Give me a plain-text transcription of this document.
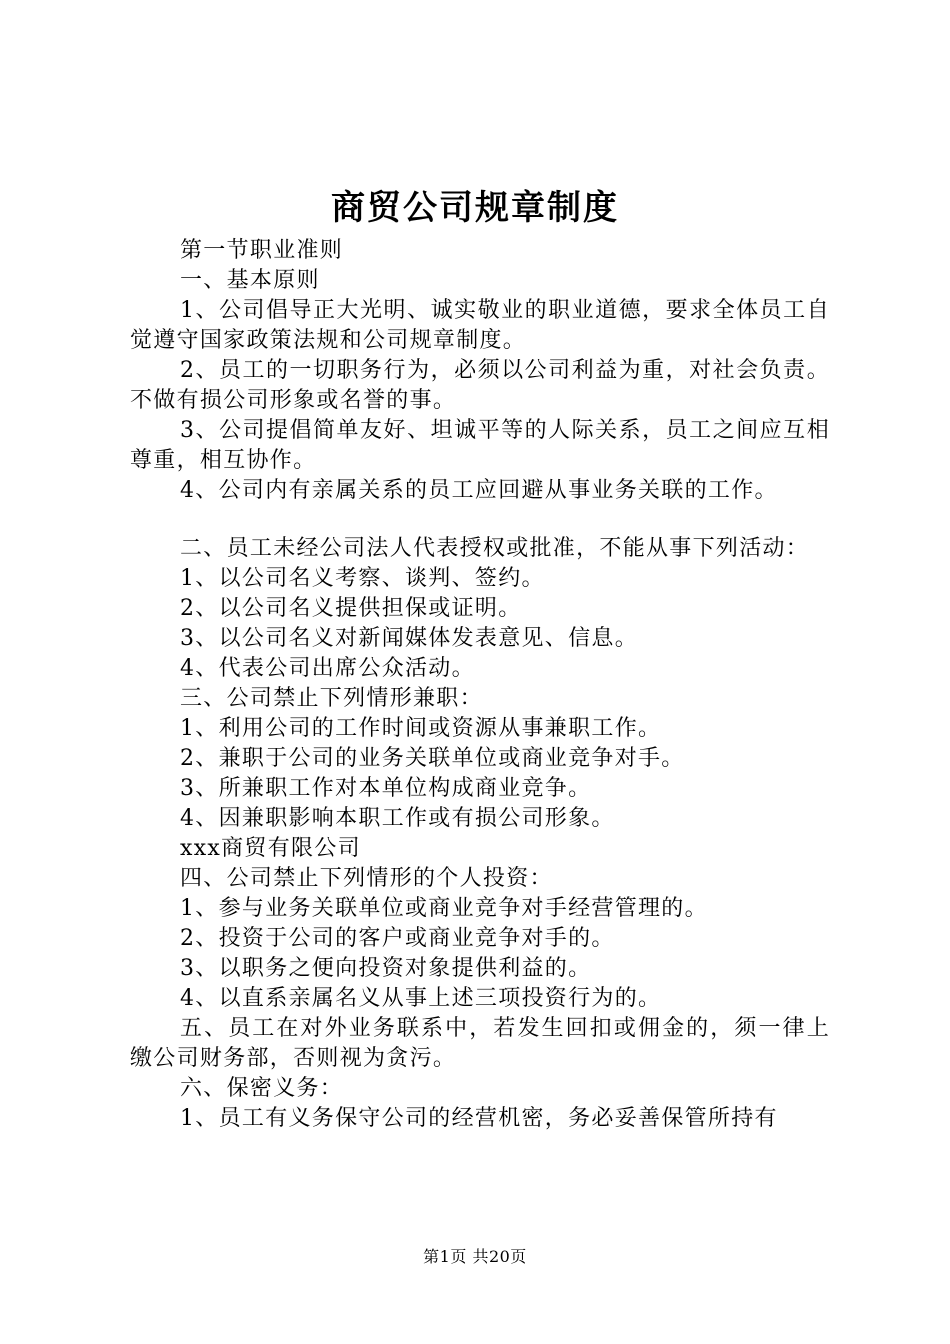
商贸公司规章制度

第一节职业准则

一、基本原则

1、公司倡导正大光明、诚实敬业的职业道德，要求全体员工自觉遵守国家政策法规和公司规章制度。

2、员工的一切职务行为，必须以公司利益为重，对社会负责。不做有损公司形象或名誉的事。

3、公司提倡简单友好、坦诚平等的人际关系，员工之间应互相尊重，相互协作。

4、公司内有亲属关系的员工应回避从事业务关联的工作。

二、员工未经公司法人代表授权或批准，不能从事下列活动：

1、以公司名义考察、谈判、签约。

2、以公司名义提供担保或证明。

3、以公司名义对新闻媒体发表意见、信息。

4、代表公司出席公众活动。

三、公司禁止下列情形兼职：

1、利用公司的工作时间或资源从事兼职工作。

2、兼职于公司的业务关联单位或商业竞争对手。

3、所兼职工作对本单位构成商业竞争。

4、因兼职影响本职工作或有损公司形象。

xxx商贸有限公司

四、公司禁止下列情形的个人投资：

1、参与业务关联单位或商业竞争对手经营管理的。

2、投资于公司的客户或商业竞争对手的。

3、以职务之便向投资对象提供利益的。

4、以直系亲属名义从事上述三项投资行为的。

五、员工在对外业务联系中，若发生回扣或佣金的，须一律上缴公司财务部，否则视为贪污。

六、保密义务：

1、员工有义务保守公司的经营机密，务必妥善保管所持有

第1页 共20页
